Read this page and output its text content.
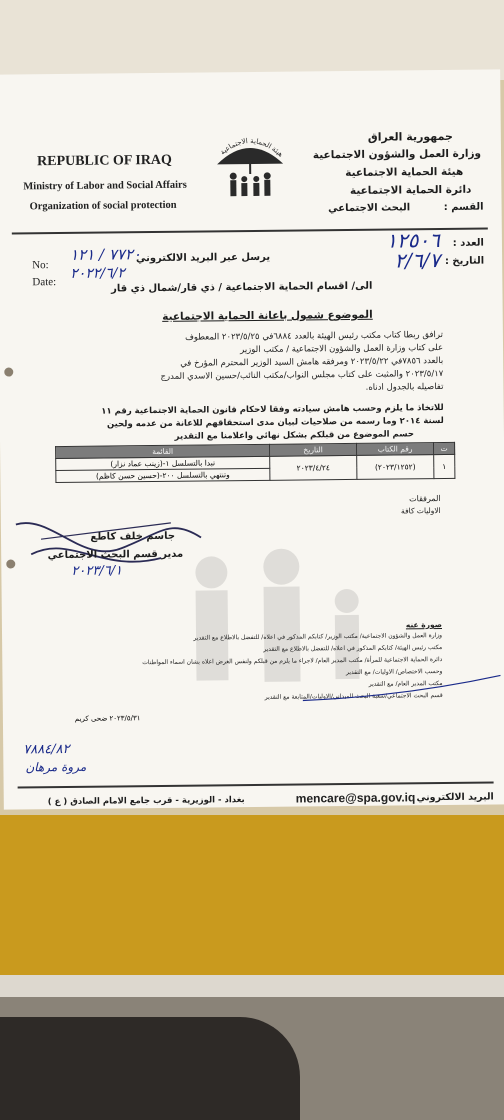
REPUBLIC OF IRAQ
Ministry of Labor and Social Affairs
Organization of social protection
هيئة الحماية الاجتماعية
جمهورية العراق
وزارة العمل والشؤون الاجتماعية
هيئة الحماية الاجتماعية
دائرة الحماية الاجتماعية
القسم : البحث الاجتماعي
No:
٧٧٢٠ / ١٢١
Date:
٢٠٢٢/٦/٢
يرسل عبر البريد الالكتروني
العدد :
١٢٥٠٦
التاريخ :
٢/٦/٧
الى/ اقسام الحماية الاجتماعية / ذي قار/شمال ذي قار
الموضوع شمول باعانة الحماية الاجتماعية
ترافق ربطا كتاب مكتب رئيس الهيئة بالعدد ٦٨٨٤في ٢٠٢٣/٥/٢٥ المعطوف
على كتاب وزارة العمل والشؤون الاجتماعية / مكتب الوزير
بالعدد ٧٨٥٦في ٢٠٢٣/٥/٢٢ ومرفقه هامش السيد الوزير المحترم المؤرخ في
٢٠٢٣/٥/١٧ والمثبت على كتاب مجلس النواب/مكتب النائب/حسين الاسدي المدرج
تفاصيله بالجدول ادناه.
للاتخاذ ما يلزم وحسب هامش سيادته وفقا لاحكام قانون الحماية الاجتماعية رقم ١١
لسنة ٢٠١٤ وما رسمه من صلاحيات لبيان مدى استحقاقهم للاعانة من عدمه ولحين
حسم الموضوع من قبلكم بشكل نهائي واعلامنا مع التقدير
ت	رقم الكتاب	التاريخ	القائمة
١	(٢٠٢٣/١٢٥٢)	٢٠٢٣/٤/٢٤	تبدا بالتسلسل ١-(زينب عماد نزار)
			وتنتهي بالتسلسل ٢٠٠-(حسين حسن كاظم)
المرفقات
الاوليات كافة
جاسم خلف كاطع
مدير قسم البحث الاجتماعي
٢٠٢٣/٦/١
صورة عنه
وزارة العمل والشؤون الاجتماعية/ مكتب الوزير/ كتابكم المذكور في اعلاه/ للتفضل بالاطلاع مع التقدير
مكتب رئيس الهيئة/ كتابكم المذكور في اعلاه/ للتفضل بالاطلاع مع التقدير
دائرة الحماية الاجتماعية للمرأة/ مكتب المدير العام/ لاجراء ما يلزم من قبلكم ولنفس الغرض اعلاه بشان اسماء المواطنات
وحسب الاختصاص/ الاوليات/ مع التقدير
مكتب المدير العام/ مع التقدير
قسم البحث الاجتماعي/شعبة البحث الميداني/الاوليات/المتابعة مع التقدير
٢٠٢٣/٥/٣١ ضحى كريم
٧٨٨٤/٨٢
مروة مرهان
البريد الالكتروني
mencare@spa.gov.iq
بغداد - الوزيرية - قرب جامع الامام الصادق ( ع )
